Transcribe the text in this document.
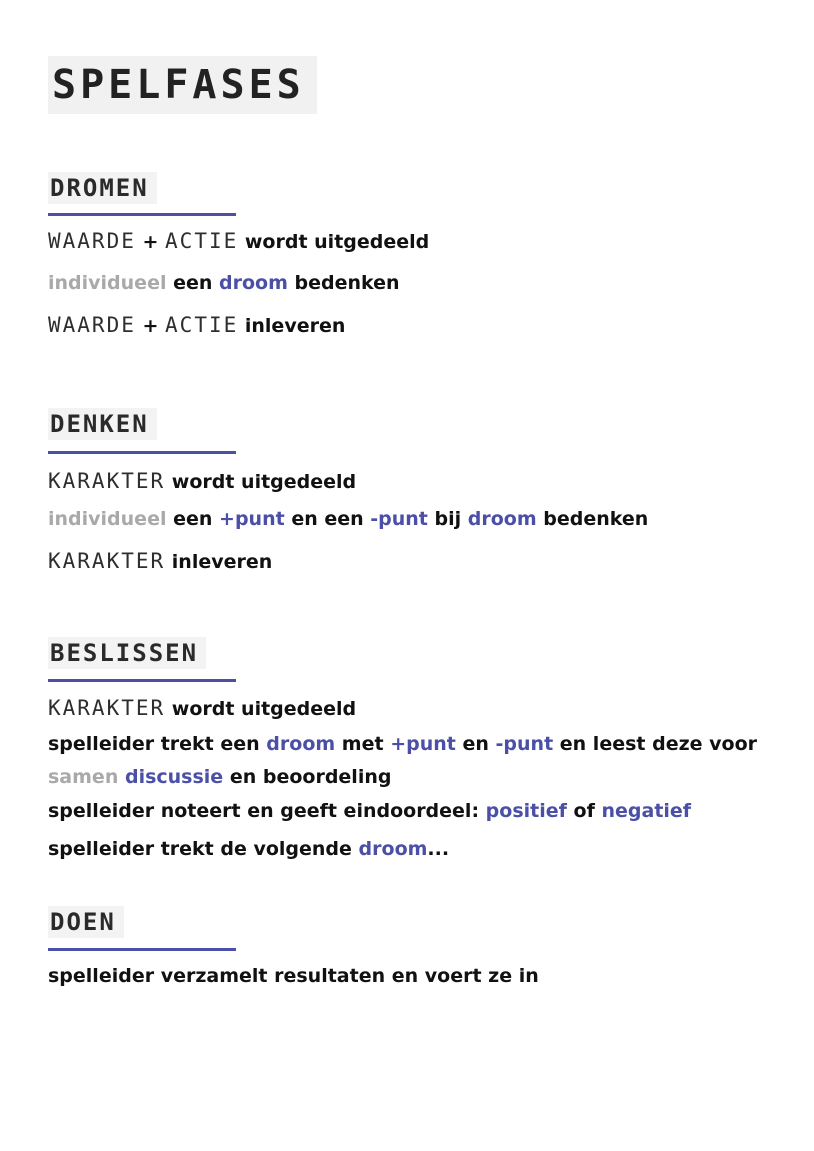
SPELFASES
DROMEN
WAARDE + ACTIE wordt uitgedeeld
individueel een droom bedenken
WAARDE + ACTIE inleveren
DENKEN
KARAKTER wordt uitgedeeld
individueel een +punt en een -punt bij droom bedenken
KARAKTER inleveren
BESLISSEN
KARAKTER wordt uitgedeeld
spelleider trekt een droom met +punt en -punt en leest deze voor
samen discussie en beoordeling
spelleider noteert en geeft eindoordeel: positief of negatief
spelleider trekt de volgende droom...
DOEN
spelleider verzamelt resultaten en voert ze in
